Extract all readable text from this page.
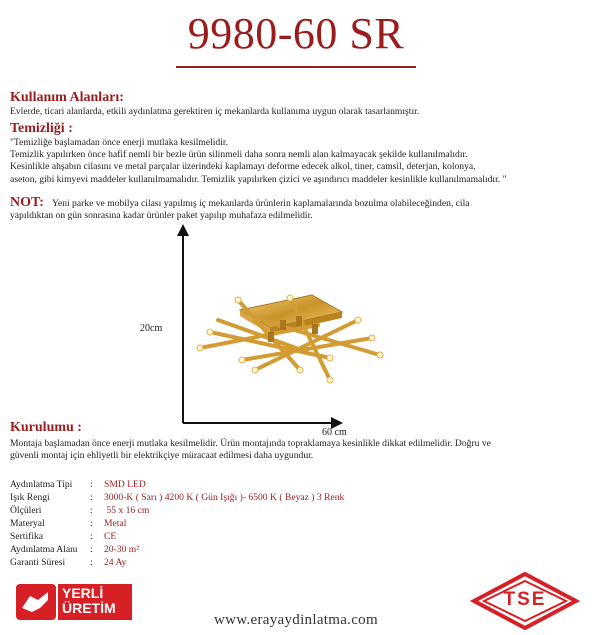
9980-60 SR
Kullanım Alanları:
Evlerde, ticari alanlarda, etkili aydınlatma gerektiren iç mekanlarda kullanıma uygun olarak tasarlanmıştır.
Temizliği :
"Temizliğe başlamadan önce enerji mutlaka kesilmelidir.
Temizlik yapılırken önce hafif nemli bir bezle ürün silinmeli daha sonra nemli alan kalmayacak şekilde kullanılmalıdır.
Kesinlikle ahşabın cilasını ve metal parçalar üzerindeki kaplamayı deforme edecek alkol, tiner, camsil, deterjan, kolonya,
aseton, gibi kimyevi maddeler kullanılmamalıdır. Temizlik yapılırken çizici ve aşındırıcı maddeler kesinlikle kullanılmamalıdır. "
NOT: Yeni parke ve mobilya cilası yapılmış iç mekanlarda ürünlerin kaplamalarında bozulma olabileceğinden, cila
yapıldıktan on gün sonrasına kadar ürünler paket yapılıp muhafaza edilmelidir.
20cm
60 cm
Kurulumu :
Montaja başlamadan önce enerji mutlaka kesilmelidir. Ürün montajında topraklamaya kesinlikle dikkat edilmelidir. Doğru ve
güvenli montaj için ehliyetli bir elektrikçiye müracaat edilmesi daha uygundur.
Aydınlatma Tipi : SMD LED
Işık Rengi	: 3000-K ( Sarı ) 4200 K ( Gün Işığı )- 6500 K ( Beyaz ) 3 Renk
Ölçüleri	: 55 x 16 cm
Materyal	: Metal
Sertifika	: CE
Aydınlatma Alanı : 20-30 m²
Garanti Süresi	: 24 Ay
YERLİ
ÜRETİM	TSE
www.erayaydinlatma.com
